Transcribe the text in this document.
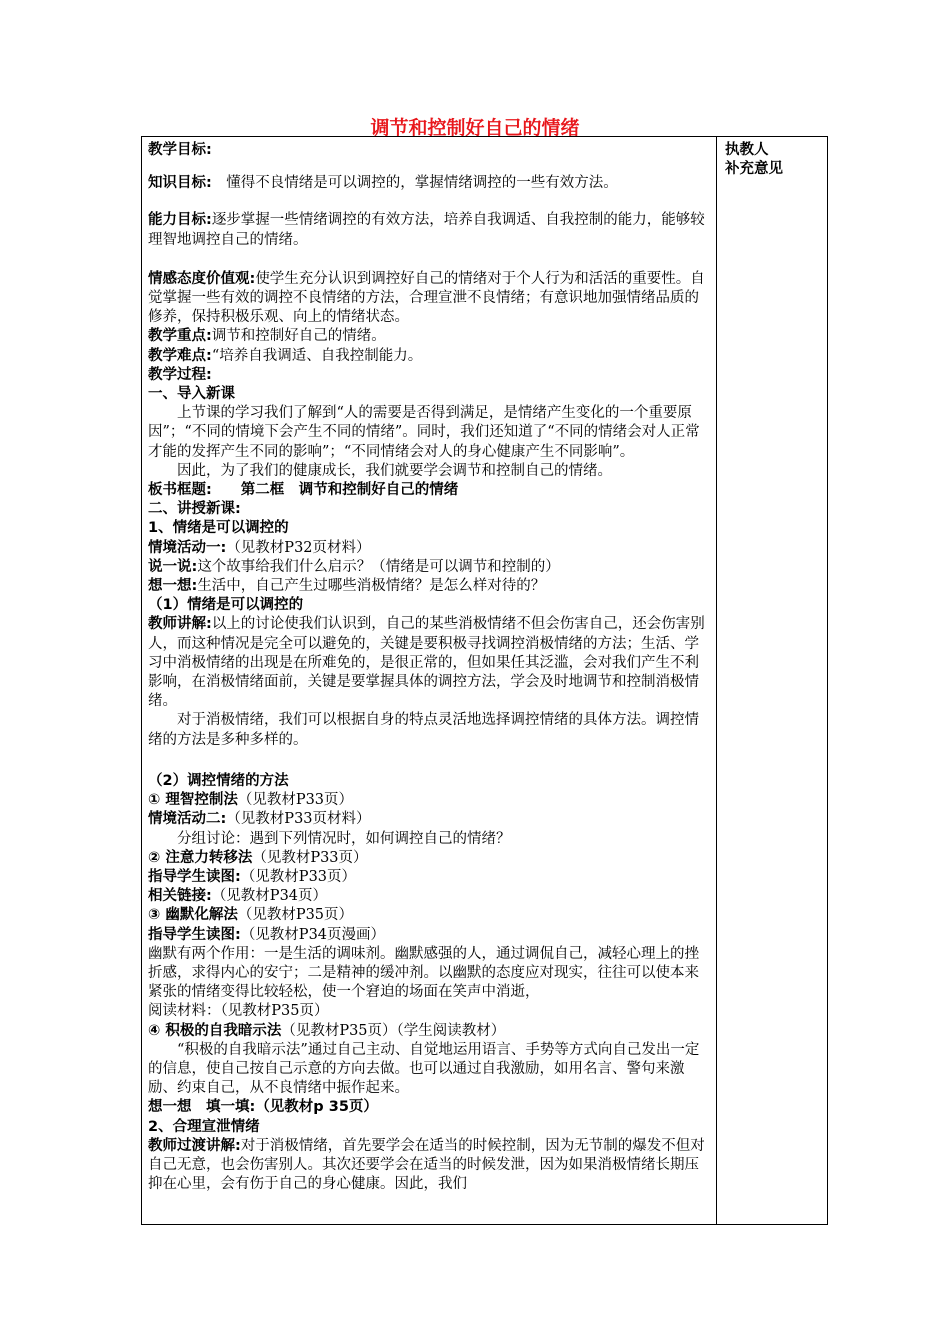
调节和控制好自己的情绪

教学目标:

知识目标:　懂得不良情绪是可以调控的，掌握情绪调控的一些有效方法。

能力目标:逐步掌握一些情绪调控的有效方法，培养自我调适、自我控制的能力，能够较理智地调控自己的情绪。

情感态度价值观:使学生充分认识到调控好自己的情绪对于个人行为和活活的重要性。自觉掌握一些有效的调控不良情绪的方法，合理宣泄不良情绪；有意识地加强情绪品质的修养，保持积极乐观、向上的情绪状态。

教学重点:调节和控制好自己的情绪。

教学难点:“培养自我调适、自我控制能力。

教学过程:

一、导入新课

上节课的学习我们了解到“人的需要是否得到满足，是情绪产生变化的一个重要原因”；“不同的情境下会产生不同的情绪”。同时，我们还知道了“不同的情绪会对人正常才能的发挥产生不同的影响”；“不同情绪会对人的身心健康产生不同影响”。

因此，为了我们的健康成长，我们就要学会调节和控制自己的情绪。

板书框题:　　第二框　调节和控制好自己的情绪

二、讲授新课:

1、情绪是可以调控的

情境活动一:（见教材P32页材料）

说一说:这个故事给我们什么启示？（情绪是可以调节和控制的）

想一想:生活中，自己产生过哪些消极情绪？是怎么样对待的？

（1）情绪是可以调控的

教师讲解:以上的讨论使我们认识到，自己的某些消极情绪不但会伤害自己，还会伤害别人，而这种情况是完全可以避免的，关键是要积极寻找调控消极情绪的方法；生活、学习中消极情绪的出现是在所难免的，是很正常的，但如果任其泛滥，会对我们产生不利影响，在消极情绪面前，关键是要掌握具体的调控方法，学会及时地调节和控制消极情绪。

对于消极情绪，我们可以根据自身的特点灵活地选择调控情绪的具体方法。调控情绪的方法是多种多样的。

（2）调控情绪的方法

① 理智控制法（见教材P33页）

情境活动二:（见教材P33页材料）

分组讨论：遇到下列情况时，如何调控自己的情绪？

② 注意力转移法（见教材P33页）

指导学生读图:（见教材P33页）

相关链接:（见教材P34页）

③ 幽默化解法（见教材P35页）

指导学生读图:（见教材P34页漫画）

幽默有两个作用：一是生活的调味剂。幽默感强的人，通过调侃自己，减轻心理上的挫折感，求得内心的安宁；二是精神的缓冲剂。以幽默的态度应对现实，往往可以使本来紧张的情绪变得比较轻松，使一个窘迫的场面在笑声中消逝，

阅读材料：（见教材P35页）

④ 积极的自我暗示法（见教材P35页）（学生阅读教材）

“积极的自我暗示法”通过自己主动、自觉地运用语言、手势等方式向自己发出一定的信息，使自己按自己示意的方向去做。也可以通过自我激励，如用名言、警句来激励、约束自己，从不良情绪中振作起来。

想一想　填一填:（见教材p 35页）

2、合理宣泄情绪

教师过渡讲解:对于消极情绪，首先要学会在适当的时候控制，因为无节制的爆发不但对自己无意，也会伤害别人。其次还要学会在适当的时候发泄，因为如果消极情绪长期压抑在心里，会有伤于自己的身心健康。因此，我们

执教人
补充意见
